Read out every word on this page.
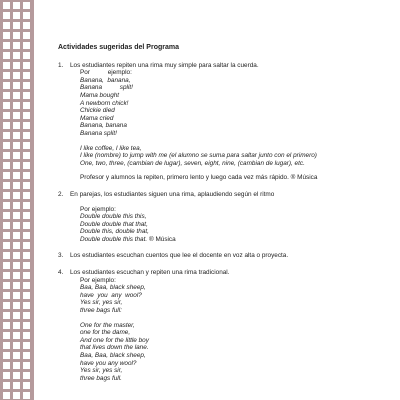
Actividades sugeridas del Programa
1.	Los estudiantes repiten una rima muy simple para saltar la cuerda.
Por          ejemplo:
Banana,  banana,
Banana          split!
Mama bought
A newborn chick!
Chickie died
Mama cried
Banana, banana
Banana split!
I like coffee, I like tea,
I like (nombre) to jump with me (el alumno se suma para saltar junto con el primero)
One, two, three, (cambian de lugar), seven, eight, nine, (cambian de lugar), etc.
Profesor y alumnos la repiten, primero lento y luego cada vez más rápido. ® Música
2.	En parejas, los estudiantes siguen una rima, aplaudiendo según el ritmo
Por ejemplo:
Double double this this,
Double double that that,
Double this, double that,
Double double this that. ® Música
3.	Los estudiantes escuchan cuentos que lee el docente en voz alta o proyecta.
4.	Los estudiantes escuchan y repiten una rima tradicional.
Por ejemplo:
Baa, Baa, black sheep,
have  you  any  wool?
Yes sir, yes sir,
three bags full:
One for the master,
one for the dame,
And one for the little boy
that lives down the lane.
Baa, Baa, black sheep,
have you any wool?
Yes sir, yes sir,
three bags full.
